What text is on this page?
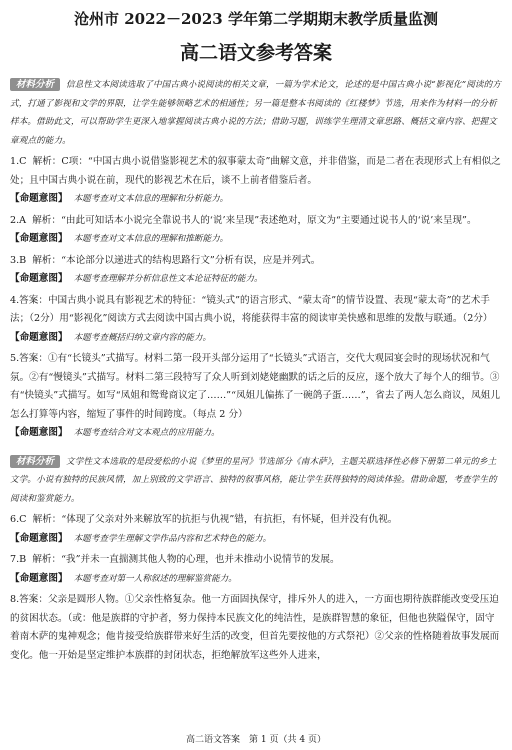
沧州市 2022－2023 学年第二学期期末教学质量监测
高二语文参考答案
材料分析 信息性文本阅读选取了中国古典小说阅读的相关文章，一篇为学术论文，论述的是中国古典小说“影视化”阅读的方式，打通了影视和文学的界限，让学生能够领略艺术的相通性；另一篇是整本书阅读的《红楼梦》节选，用来作为材料一的分析样本。借助此文，可以帮助学生更深入地掌握阅读古典小说的方法；借助习题，训练学生理清文章思路、概括文章内容、把握文章观点的能力。
1.C 解析：C项：“中国古典小说借鉴影视艺术的叙事蒙太奇”曲解文意，并非借鉴，而是二者在表现形式上有相似之处；且中国古典小说在前，现代的影视艺术在后，谈不上前者借鉴后者。
【命题意图】 本题考查对文本信息的理解和分析能力。
2.A 解析：“由此可知话本小说完全靠说书人的‘说’来呈现”表述绝对，原文为“主要通过说书人的‘说’来呈现”。
【命题意图】 本题考查对文本信息的理解和推断能力。
3.B 解析：“本论部分以递进式的结构思路行文”分析有误，应是并列式。
【命题意图】 本题考查理解并分析信息性文本论证特征的能力。
4.答案：中国古典小说具有影视艺术的特征：“镜头式”的语言形式、“蒙太奇”的情节设置、表现“蒙太奇”的艺术手法；（2分）用“影视化”阅读方式去阅读中国古典小说，将能获得丰富的阅读审美快感和思维的发散与联通。（2分）
【命题意图】 本题考查概括归纳文章内容的能力。
5.答案：①有“长镜头”式描写。材料二第一段开头部分运用了“长镜头”式语言，交代大观园宴会时的现场状况和气氛。②有“慢镜头”式描写。材料二第三段特写了众人听到刘姥姥幽默的话之后的反应，逐个放大了每个人的细节。③有“快镜头”式描写。如写“凤姐和鸳鸯商议定了……”“凤姐儿偏拣了一碗鸽子蛋……”，省去了两人怎么商议，凤姐儿怎么打算等内容，缩短了事件的时间跨度。（每点 2 分）
【命题意图】 本题考查结合对文本观点的应用能力。
材料分析 文学性文本选取的是段爱松的小说《梦里的星河》节选部分《南木萨》，主题关联选择性必修下册第二单元的乡土文学。小说有独特的民族风情，加上别致的文学语言、独特的叙事风格，能让学生获得独特的阅读体验。借助命题，考查学生的阅读和鉴赏能力。
6.C 解析：“体现了父亲对外来解放军的抗拒与仇视”错，有抗拒，有怀疑，但并没有仇视。
【命题意图】 本题考查学生理解文学作品内容和艺术特色的能力。
7.B 解析：“我”并未一直揣测其他人物的心理，也并未推动小说情节的发展。
【命题意图】 本题考查对第一人称叙述的理解鉴赏能力。
8.答案：父亲是圆形人物。①父亲性格复杂。他一方面固执保守，排斥外人的进入，一方面也期待族群能改变受压迫的贫困状态。（或：他是族群的守护者，努力保持本民族文化的纯洁性，是族群智慧的象征，但他也狭隘保守，固守着南木萨的鬼神观念；他肯接受给族群带来好生活的改变，但首先要按他的方式祭祀）②父亲的性格随着故事发展而变化。他一开始是坚定维护本族群的封闭状态，拒绝解放军这些外人进来，
高二语文答案　第 1 页（共 4 页）
